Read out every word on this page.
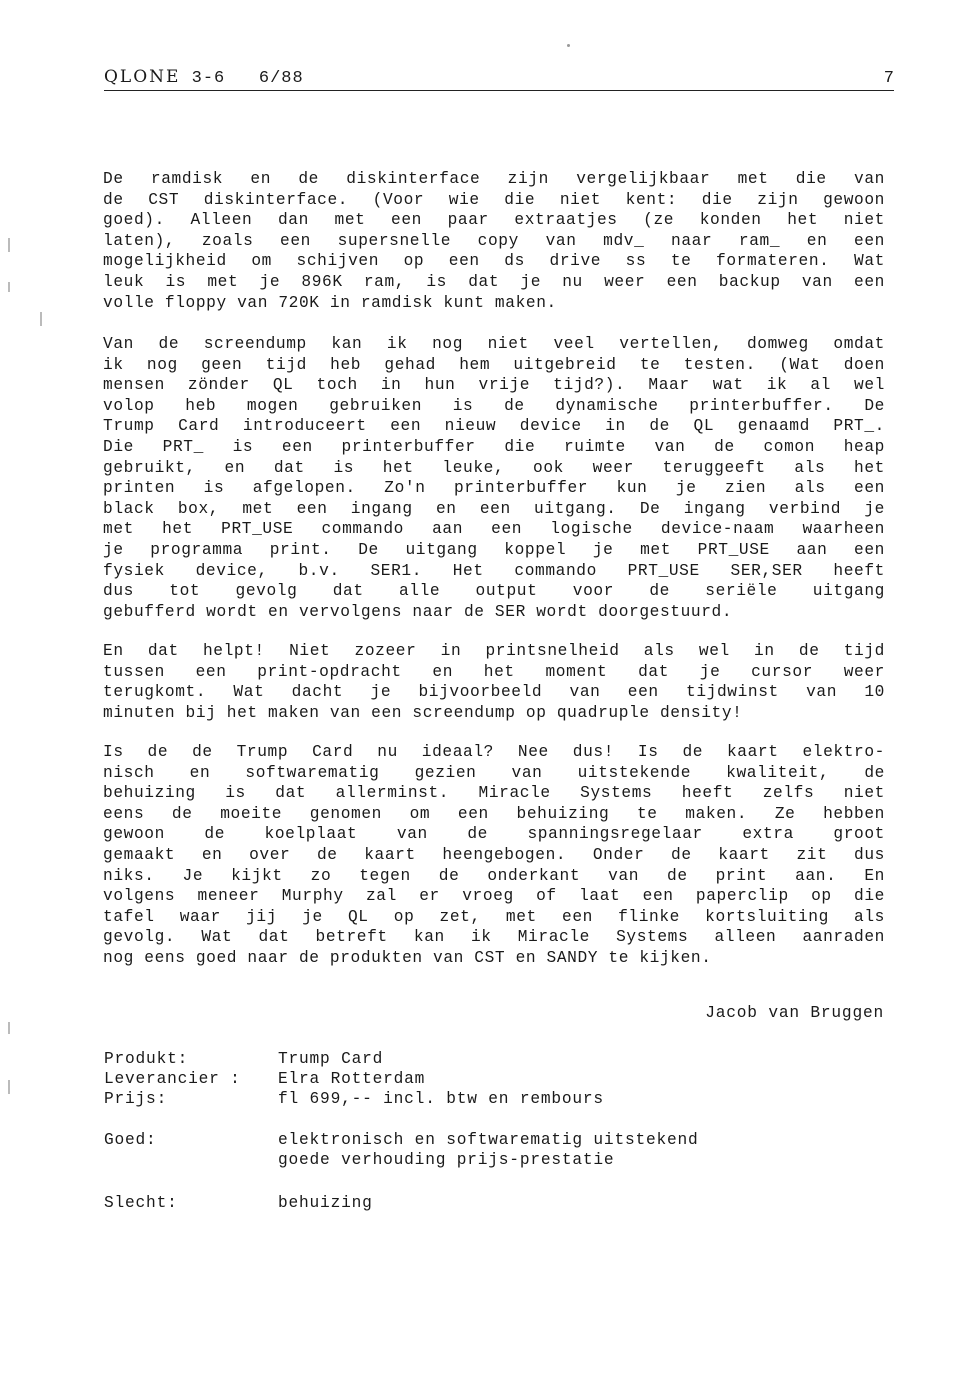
QLONE 3-6 6/88	7
De ramdisk en de diskinterface zijn vergelijkbaar met die van
de CST diskinterface. (Voor wie die niet kent: die zijn gewoon
goed). Alleen dan met een paar extraatjes (ze konden het niet
laten), zoals een supersnelle copy van mdv_ naar ram_ en een
mogelijkheid om schijven op een ds drive ss te formateren. Wat
leuk is met je 896K ram, is dat je nu weer een backup van een
volle floppy van 720K in ramdisk kunt maken.
Van de screendump kan ik nog niet veel vertellen, domweg omdat
ik nog geen tijd heb gehad hem uitgebreid te testen. (Wat doen
mensen zönder QL toch in hun vrije tijd?). Maar wat ik al wel
volop heb mogen gebruiken is de dynamische printerbuffer. De
Trump Card introduceert een nieuw device in de QL genaamd PRT_.
Die PRT_ is een printerbuffer die ruimte van de comon heap
gebruikt, en dat is het leuke, ook weer teruggeeft als het
printen is afgelopen. Zo'n printerbuffer kun je zien als een
black box, met een ingang en een uitgang. De ingang verbind je
met het PRT_USE commando aan een logische device-naam waarheen
je programma print. De uitgang koppel je met PRT_USE aan een
fysiek device, b.v. SER1. Het commando PRT_USE SER,SER heeft
dus tot gevolg dat alle output voor de seriële uitgang
gebufferd wordt en vervolgens naar de SER wordt doorgestuurd.
En dat helpt! Niet zozeer in printsnelheid als wel in de tijd
tussen een print-opdracht en het moment dat je cursor weer
terugkomt. Wat dacht je bijvoorbeeld van een tijdwinst van 10
minuten bij het maken van een screendump op quadruple density!
Is de de Trump Card nu ideaal? Nee dus! Is de kaart elektro-
nisch en softwarematig gezien van uitstekende kwaliteit, de
behuizing is dat allerminst. Miracle Systems heeft zelfs niet
eens de moeite genomen om een behuizing te maken. Ze hebben
gewoon de koelplaat van de spanningsregelaar extra groot
gemaakt en over de kaart heengebogen. Onder de kaart zit dus
niks. Je kijkt zo tegen de onderkant van de print aan. En
volgens meneer Murphy zal er vroeg of laat een paperclip op die
tafel waar jij je QL op zet, met een flinke kortsluiting als
gevolg. Wat dat betreft kan ik Miracle Systems alleen aanraden
nog eens goed naar de produkten van CST en SANDY te kijken.
Jacob van Bruggen
Produkt:	Trump Card
Leverancier : Elra Rotterdam
Prijs:	fl 699,-- incl. btw en rembours
Goed:	elektronisch en softwarematig uitstekend
goede verhouding prijs-prestatie
Slecht:	behuizing
